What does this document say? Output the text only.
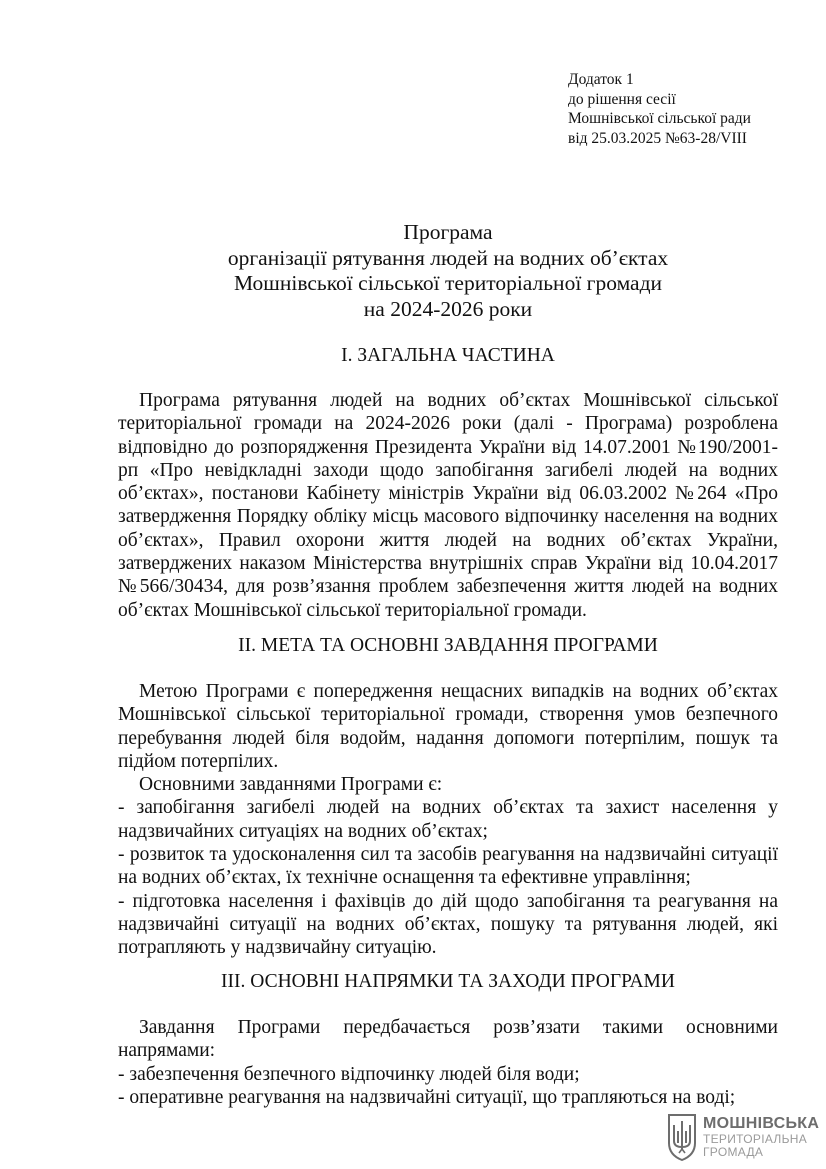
Додаток 1
до рішення сесії
Мошнівської сільської ради
від 25.03.2025 №63-28/VIII
Програма
організації рятування людей на водних об’єктах
Мошнівської сільської територіальної громади
на 2024-2026 роки
І. ЗАГАЛЬНА ЧАСТИНА
Програма рятування людей на водних об’єктах Мошнівської сільської
територіальної громади на 2024-2026 роки (далі - Програма) розроблена
відповідно до розпорядження Президента України від 14.07.2001 №190/2001-
рп «Про невідкладні заходи щодо запобігання загибелі людей на водних
об’єктах», постанови Кабінету міністрів України від 06.03.2002 №264 «Про
затвердження Порядку обліку місць масового відпочинку населення на водних
об’єктах», Правил охорони життя людей на водних об’єктах України,
затверджених наказом Міністерства внутрішніх справ України від 10.04.2017
№566/30434, для розв’язання проблем забезпечення життя людей на водних
об’єктах Мошнівської сільської територіальної громади.
ІІ. МЕТА ТА ОСНОВНІ ЗАВДАННЯ ПРОГРАМИ
Метою Програми є попередження нещасних випадків на водних об’єктах
Мошнівської сільської територіальної громади, створення умов безпечного
перебування людей біля водойм, надання допомоги потерпілим, пошук та
підйом потерпілих.
Основними завданнями Програми є:
- запобігання загибелі людей на водних об’єктах та захист населення у
надзвичайних ситуаціях на водних об’єктах;
- розвиток та удосконалення сил та засобів реагування на надзвичайні ситуації
на водних об’єктах, їх технічне оснащення та ефективне управління;
- підготовка населення і фахівців до дій щодо запобігання та реагування на
надзвичайні ситуації на водних об’єктах, пошуку та рятування людей, які
потрапляють у надзвичайну ситуацію.
ІІІ. ОСНОВНІ НАПРЯМКИ ТА ЗАХОДИ ПРОГРАМИ
Завдання Програми передбачається розв’язати такими основними
напрямами:
- забезпечення безпечного відпочинку людей біля води;
- оперативне реагування на надзвичайні ситуації, що трапляються на воді;
МОШНІВСЬКА
ТЕРИТОРІАЛЬНА
ГРОМАДА
